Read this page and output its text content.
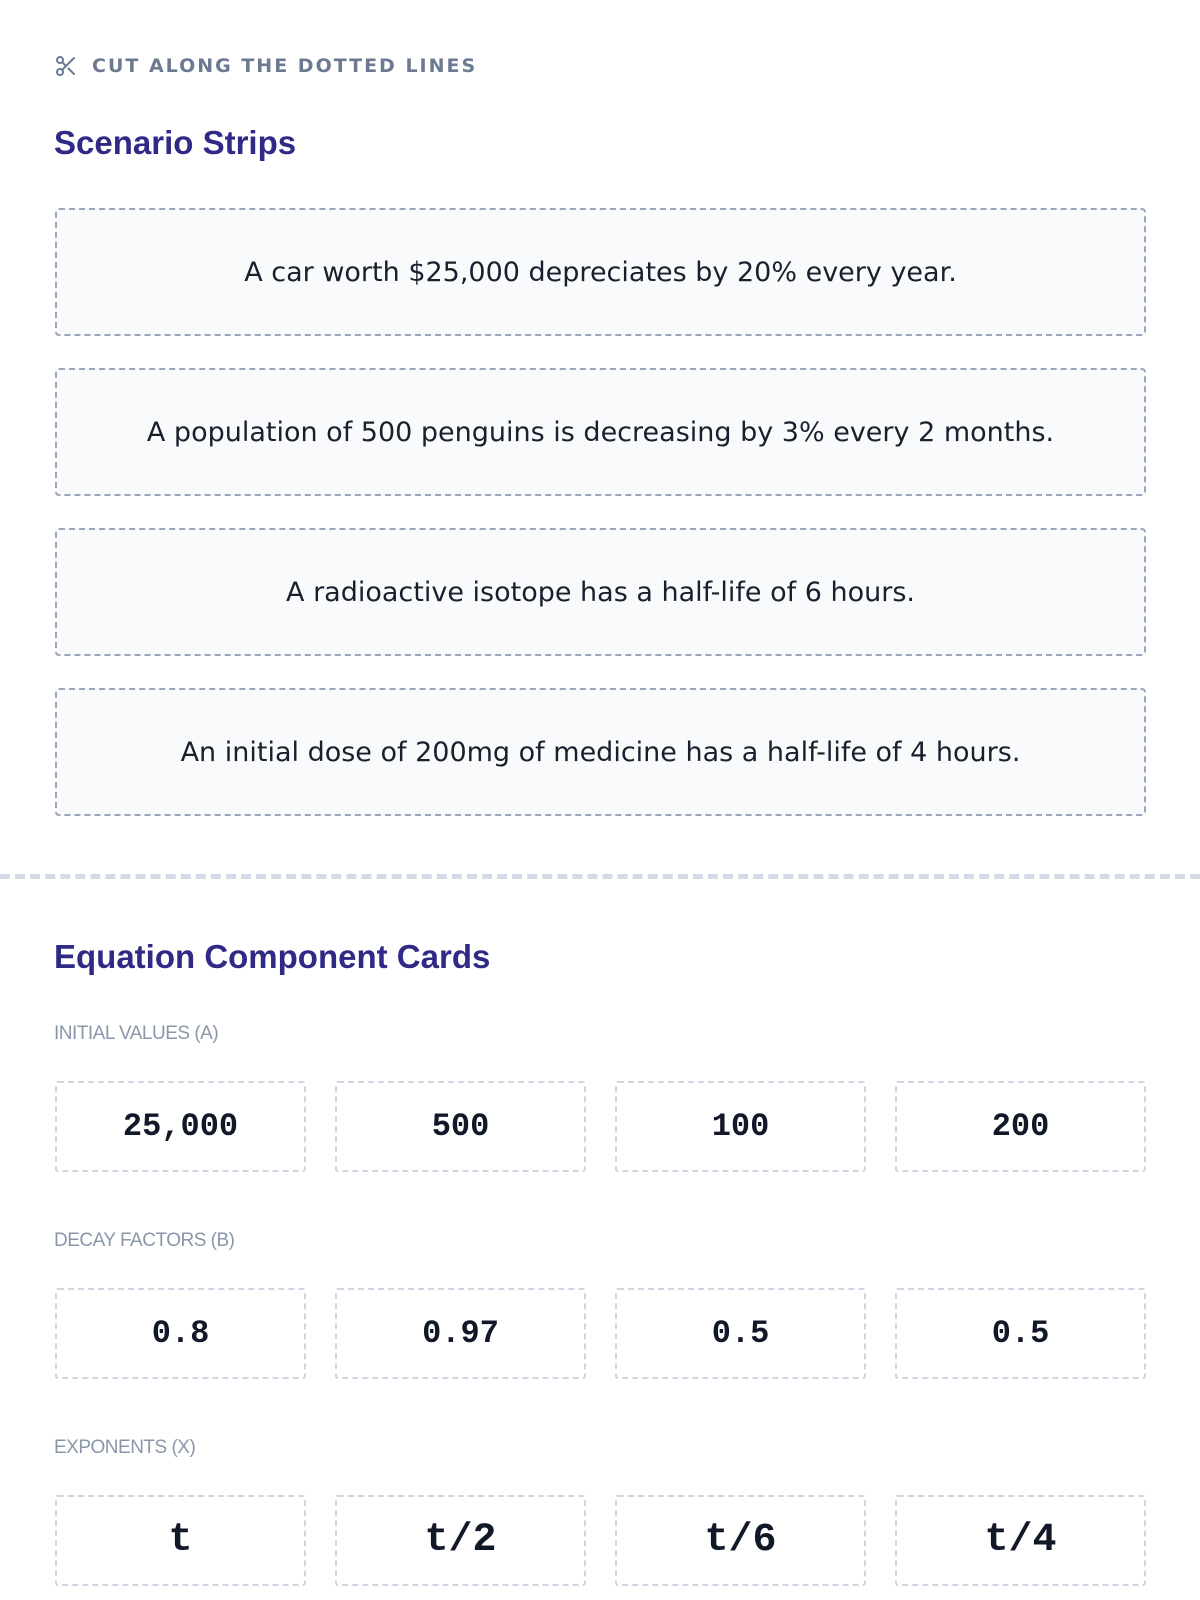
CUT ALONG THE DOTTED LINES
Scenario Strips
A car worth $25,000 depreciates by 20% every year.
A population of 500 penguins is decreasing by 3% every 2 months.
A radioactive isotope has a half-life of 6 hours.
An initial dose of 200mg of medicine has a half-life of 4 hours.
Equation Component Cards
INITIAL VALUES (A)
25,000	500	100	200
DECAY FACTORS (B)
0.8	0.97	0.5	0.5
EXPONENTS (X)
t	t/2	t/6	t/4
